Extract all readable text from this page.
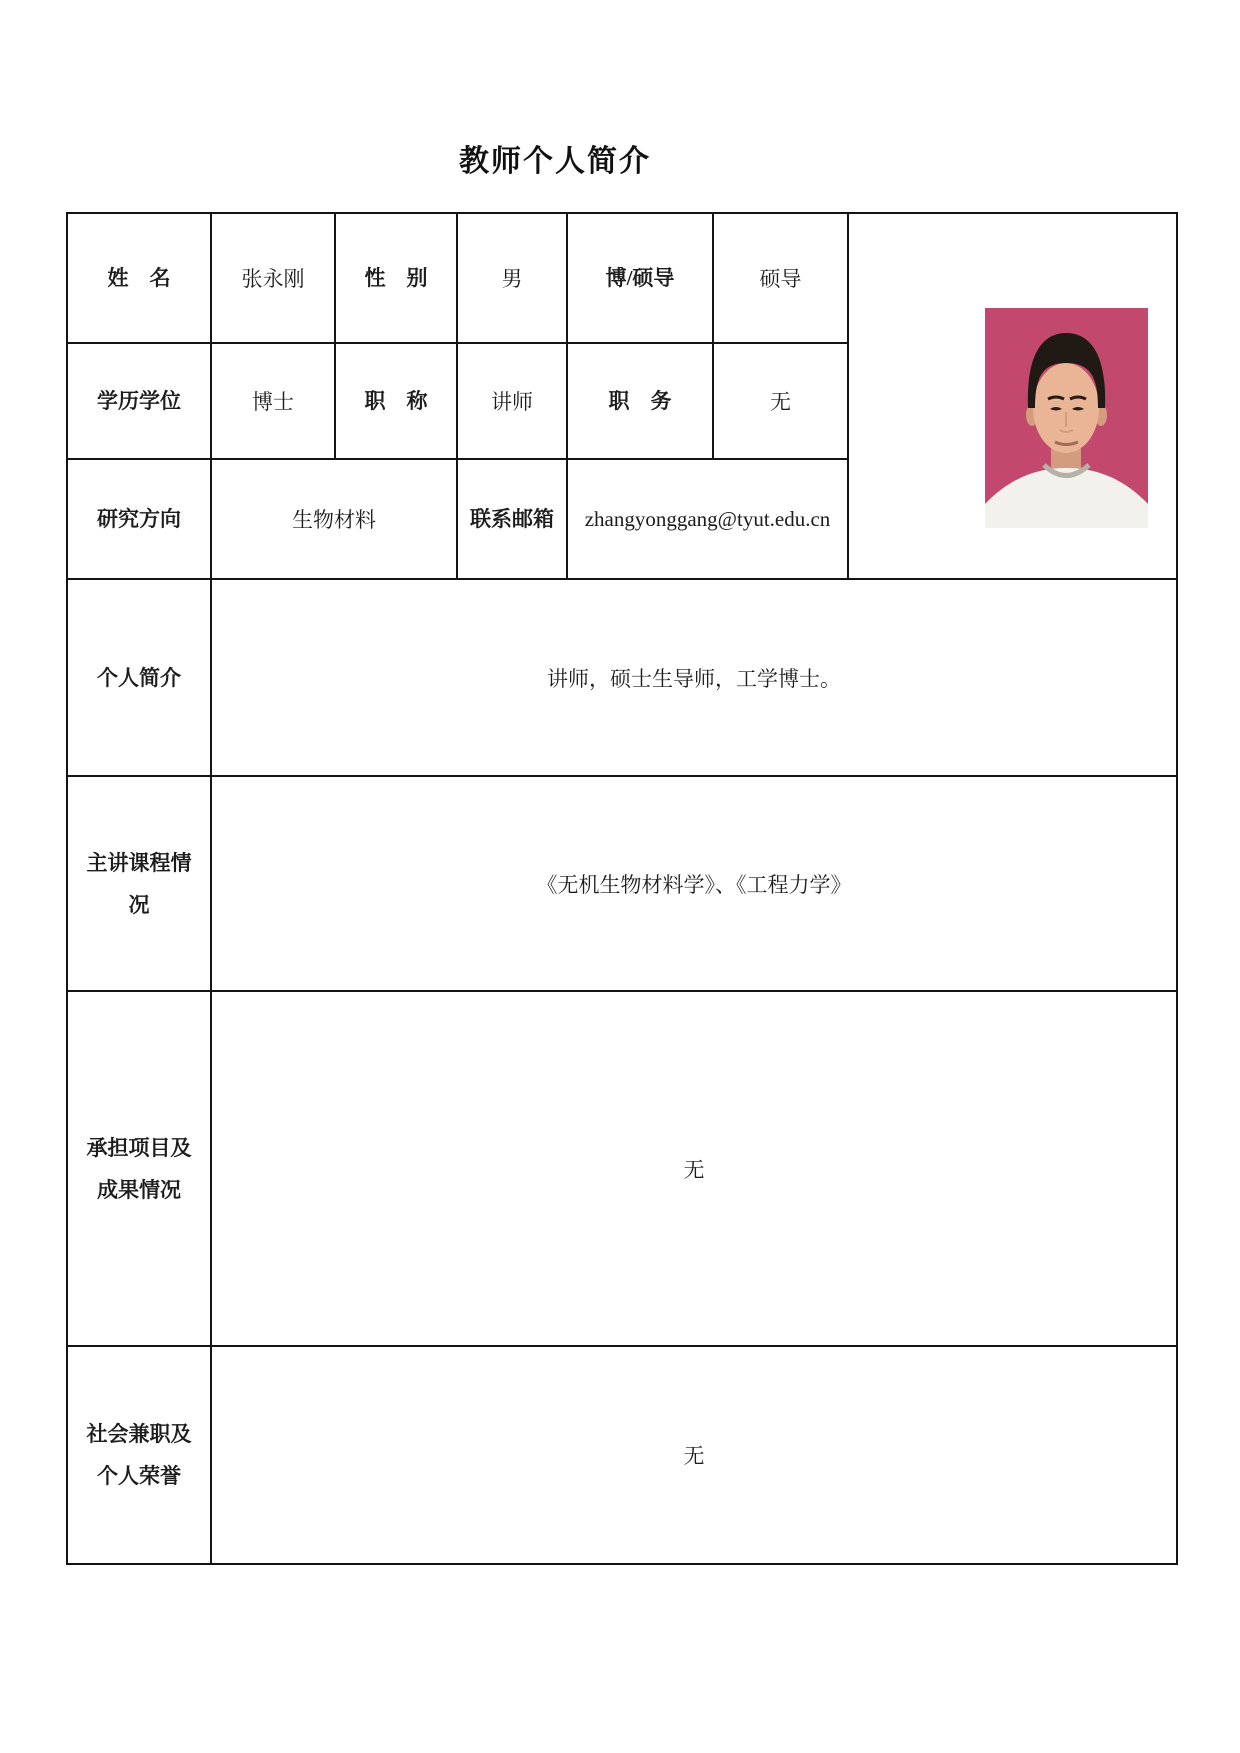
教师个人简介
姓　名	张永刚	性　别	男	博/硕导	硕导	

学历学位	博士	职　称	讲师	职　务	无	
研究方向	生物材料		联系邮箱	zhangyonggang@tyut.edu.cn		
个人简介	讲师，硕士生导师，工学博士。					
主讲课程情况	《无机生物材料学》、《工程力学》					
承担项目及成果情况	无					
社会兼职及个人荣誉	无					
